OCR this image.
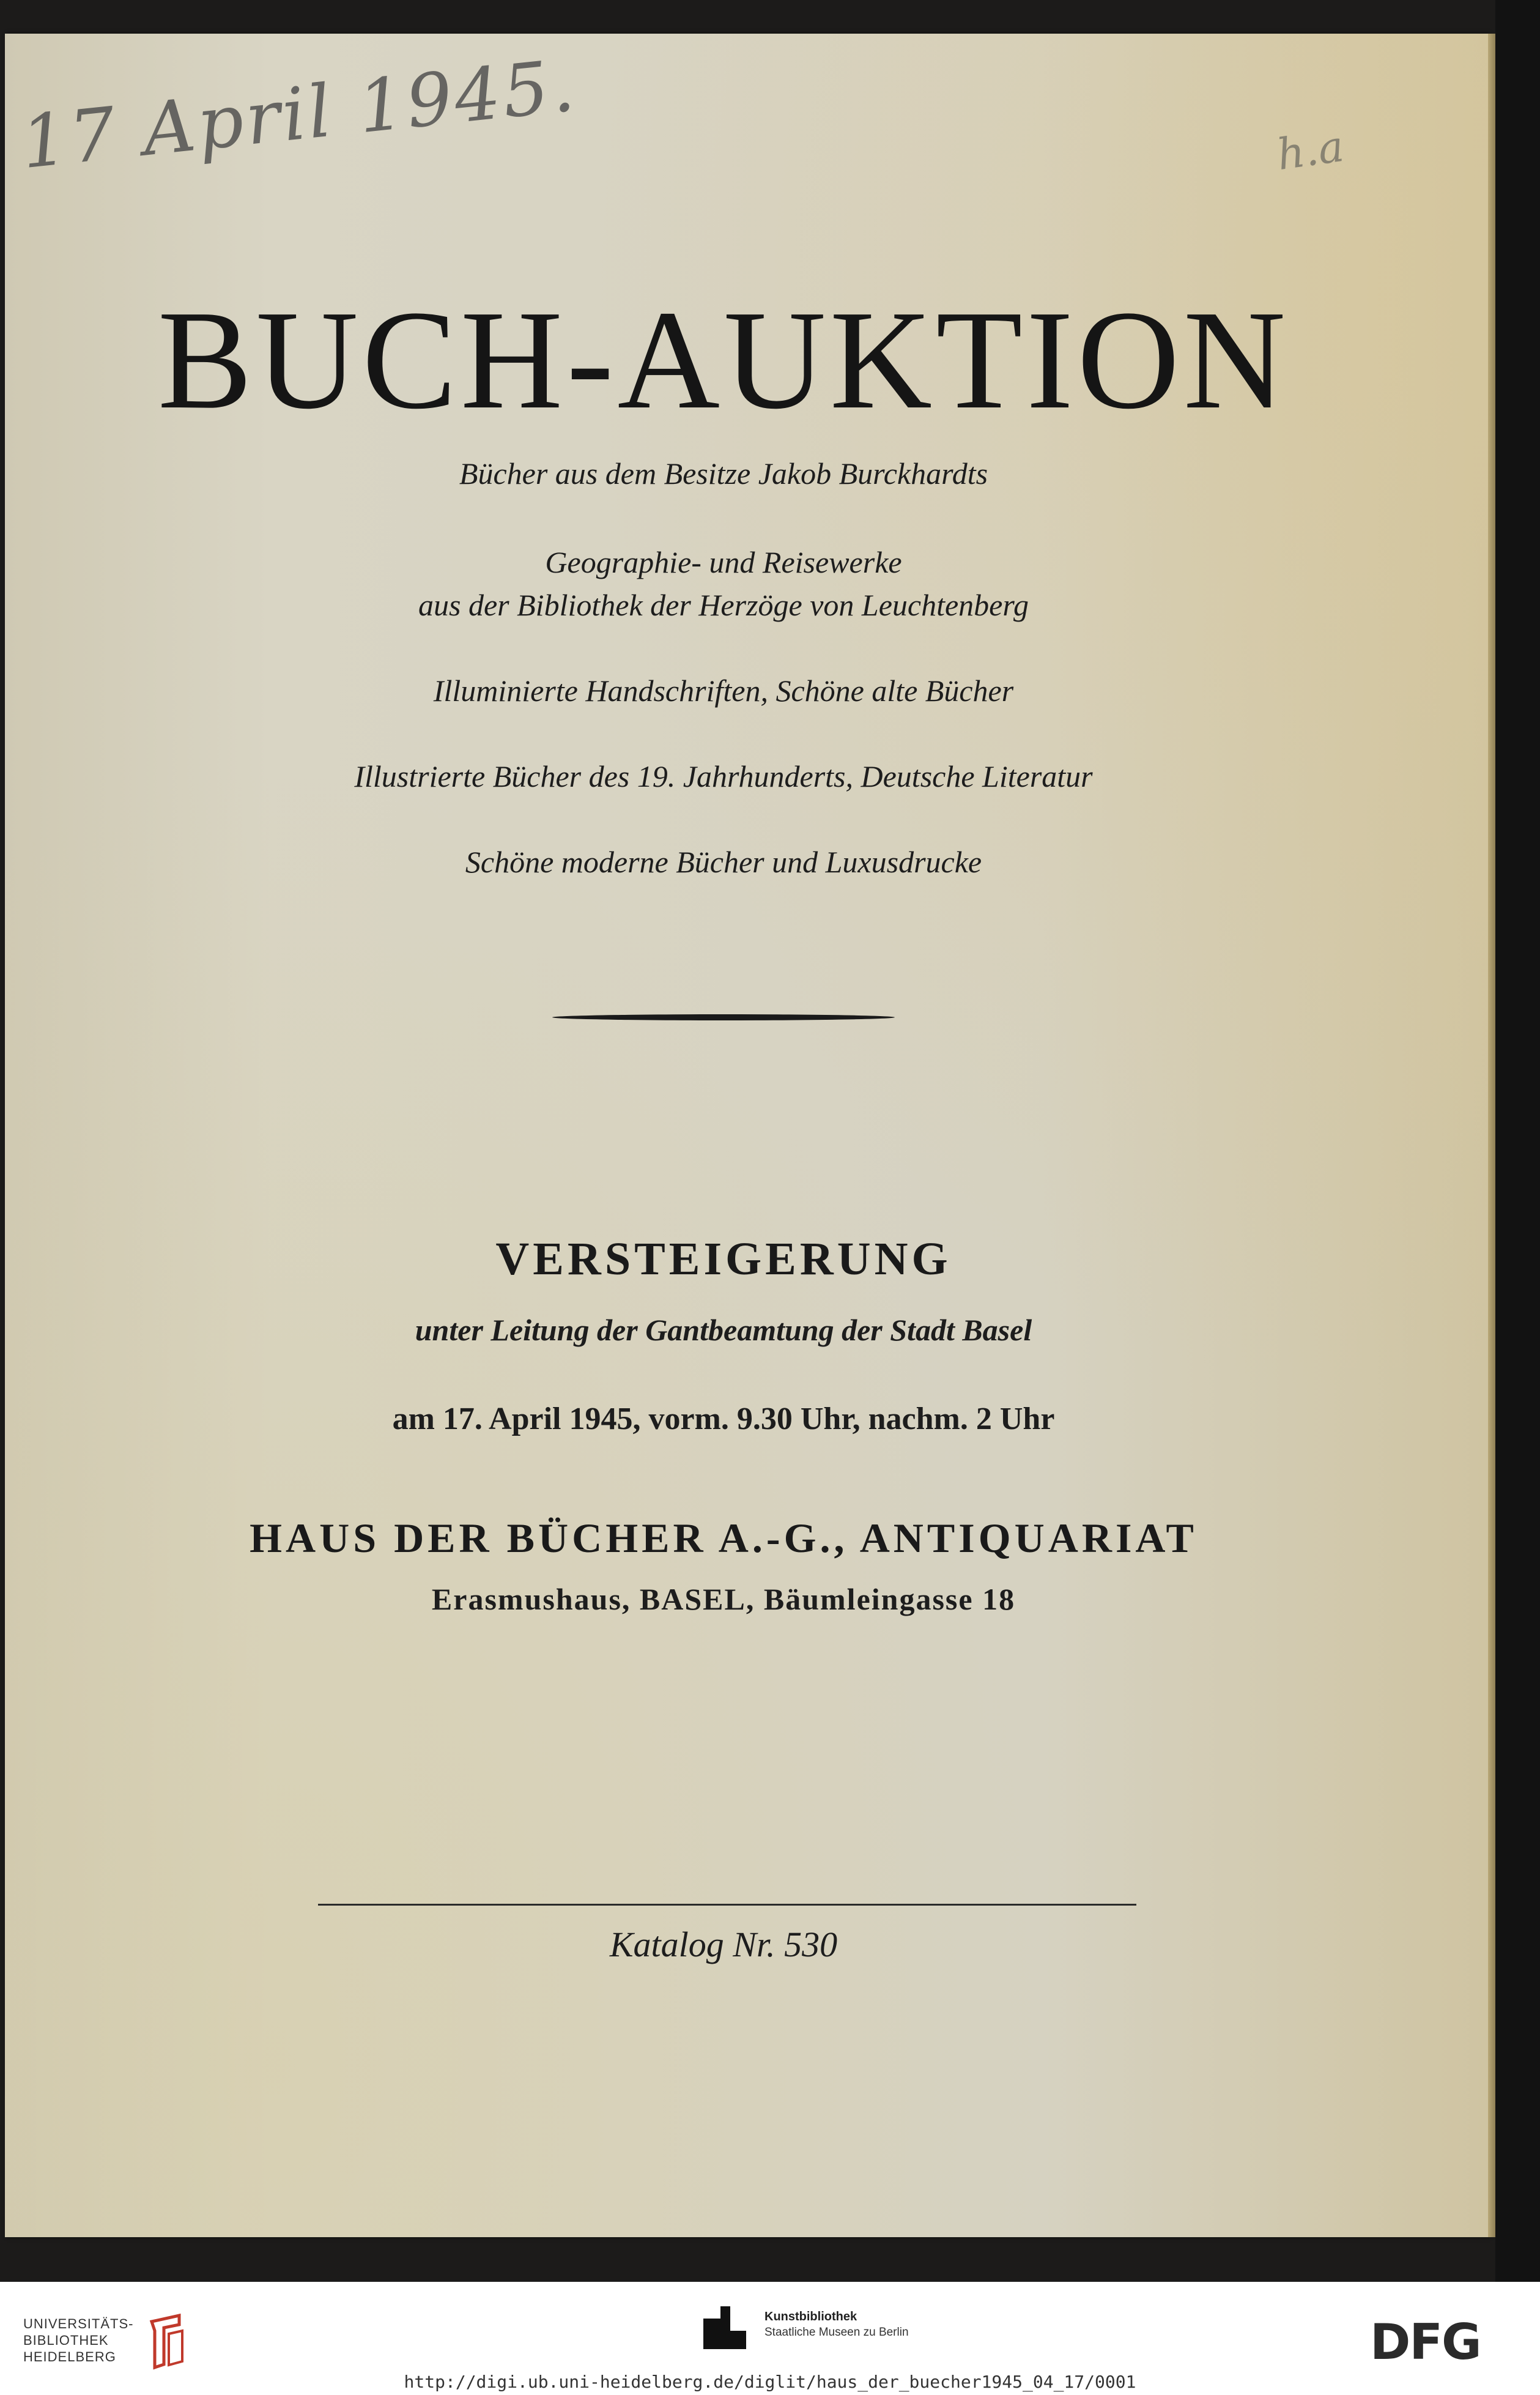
17 April 1945.	h.a
BUCH-AUKTION
Bücher aus dem Besitze Jakob Burckhardts
Geographie- und Reisewerke
aus der Bibliothek der Herzöge von Leuchtenberg
Illuminierte Handschriften, Schöne alte Bücher
Illustrierte Bücher des 19. Jahrhunderts, Deutsche Literatur
Schöne moderne Bücher und Luxusdrucke
VERSTEIGERUNG
unter Leitung der Gantbeamtung der Stadt Basel
am 17. April 1945, vorm. 9.30 Uhr, nachm. 2 Uhr
HAUS DER BÜCHER A.-G., ANTIQUARIAT
Erasmushaus, BASEL, Bäumleingasse 18
Katalog Nr. 530
UNIVERSITÄTS-
BIBLIOTHEK
HEIDELBERG
Kunstbibliothek
Staatliche Museen zu Berlin	DFG
http://digi.ub.uni-heidelberg.de/diglit/haus_der_buecher1945_04_17/0001
